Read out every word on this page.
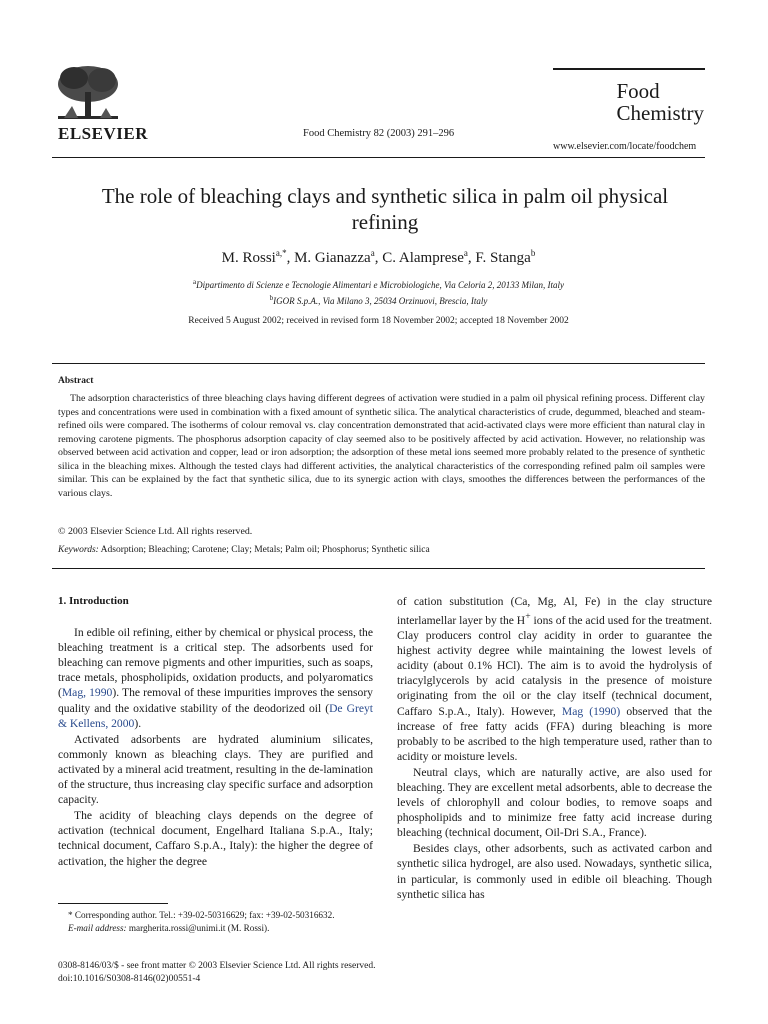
ELSEVIER	Food Chemistry 82 (2003) 291–296
Food
Chemistry
www.elsevier.com/locate/foodchem
The role of bleaching clays and synthetic silica in palm oil physical refining
M. Rossi$^{a,*}$, M. Gianazza$^a$, C. Alamprese$^a$, F. Stanga$^b$
$^a$Dipartimento di Scienze e Tecnologie Alimentari e Microbiologiche, Via Celoria 2, 20133 Milan, Italy
$^b$IGOR S.p.A., Via Milano 3, 25034 Orzinuovi, Brescia, Italy
Received 5 August 2002; received in revised form 18 November 2002; accepted 18 November 2002
Abstract

The adsorption characteristics of three bleaching clays having different degrees of activation were studied in a palm oil physical refining process. Different clay types and concentrations were used in combination with a fixed amount of synthetic silica. The analytical characteristics of crude, degummed, bleached and steam-refined oils were compared. The isotherms of colour removal vs. clay concentration demonstrated that acid-activated clays were more efficient than natural clay in removing carotene pigments. The phosphorus adsorption capacity of clay seemed also to be positively affected by acid activation. However, no relationship was observed between acid activation and copper, lead or iron adsorption; the adsorption of these metal ions seemed more probably related to the presence of synthetic silica in the bleaching mixes. Although the tested clays had different activities, the analytical characteristics of the corresponding refined palm oil samples were similar. This can be explained by the fact that synthetic silica, due to its synergic action with clays, smoothes the differences between the performances of the various clays.

© 2003 Elsevier Science Ltd. All rights reserved.
Keywords: Adsorption; Bleaching; Carotene; Clay; Metals; Palm oil; Phosphorus; Synthetic silica

1. Introduction

In edible oil refining, either by chemical or physical process, the bleaching treatment is a critical step. The adsorbents used for bleaching can remove pigments and other impurities, such as soaps, trace metals, phospholipids, oxidation products, and polyaromatics (Mag, 1990). The removal of these impurities improves the sensory quality and the oxidative stability of the deodorized oil (De Greyt & Kellens, 2000).

Activated adsorbents are hydrated aluminium silicates, commonly known as bleaching clays. They are purified and activated by a mineral acid treatment, resulting in the de-lamination of the structure, thus increasing clay specific surface and adsorption capacity.

The acidity of bleaching clays depends on the degree of activation (technical document, Engelhard Italiana S.p.A., Italy; technical document, Caffaro S.p.A., Italy): the higher the degree of activation, the higher the degree

of cation substitution (Ca, Mg, Al, Fe) in the clay structure interlamellar layer by the H+ ions of the acid used for the treatment. Clay producers control clay acidity in order to guarantee the highest activity degree while maintaining the lowest levels of acidity (about 0.1% HCl). The aim is to avoid the hydrolysis of triacylglycerols by acid catalysis in the presence of moisture originating from the oil or the clay itself (technical document, Caffaro S.p.A., Italy). However, Mag (1990) observed that the increase of free fatty acids (FFA) during bleaching is more probably to be ascribed to the high temperature used, rather than to acidity or moisture levels.

Neutral clays, which are naturally active, are also used for bleaching. They are excellent metal adsorbents, able to decrease the levels of chlorophyll and colour bodies, to remove soaps and phospholipids and to minimize free fatty acid increase during bleaching (technical document, Oil-Dri S.A., France).

Besides clays, other adsorbents, such as activated carbon and synthetic silica hydrogel, are also used. Nowadays, synthetic silica, in particular, is commonly used in edible oil bleaching. Though synthetic silica has

* Corresponding author. Tel.: +39-02-50316629; fax: +39-02-50316632.

E-mail address: margherita.rossi@unimi.it (M. Rossi).

0308-8146/03/$ - see front matter © 2003 Elsevier Science Ltd. All rights reserved.
doi:10.1016/S0308-8146(02)00551-4
